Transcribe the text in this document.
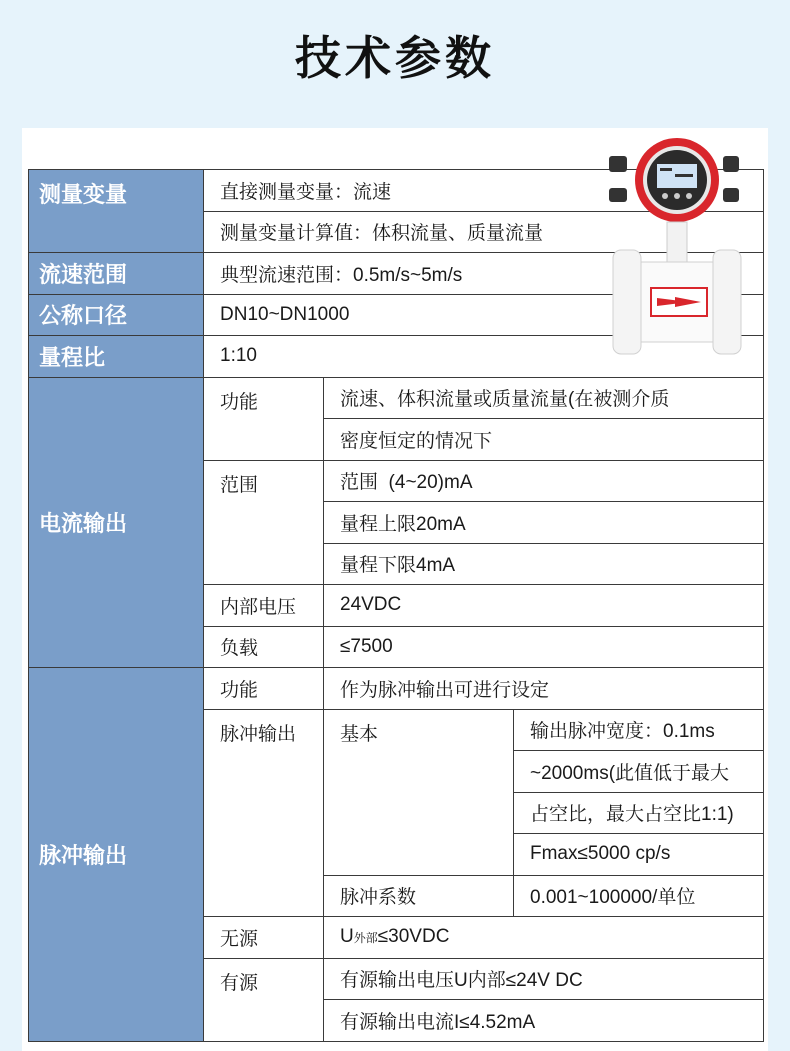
技术参数
测量变量	直接测量变量：流速		
	测量变量计算值：体积流量、质量流量		
流速范围	典型流速范围：0.5m/s~5m/s		
公称口径	DN10~DN1000		
量程比	1:10		
电流输出	功能	流速、体积流量或质量流量(在被测介质	
		密度恒定的情况下	
	范围	范围  (4~20)mA	
		量程上限20mA	
		量程下限4mA	
	内部电压	24VDC	
	负载	≤7500	
脉冲输出	功能	作为脉冲输出可进行设定	
	脉冲输出	基本	输出脉冲宽度：0.1ms
			~2000ms(此值低于最大
			占空比，最大占空比1:1)
			Fmax≤5000 cp/s
		脉冲系数	0.001~100000/单位
	无源	U外部≤30VDC	
	有源	有源输出电压U内部≤24V DC	
		有源输出电流I≤4.52mA	
